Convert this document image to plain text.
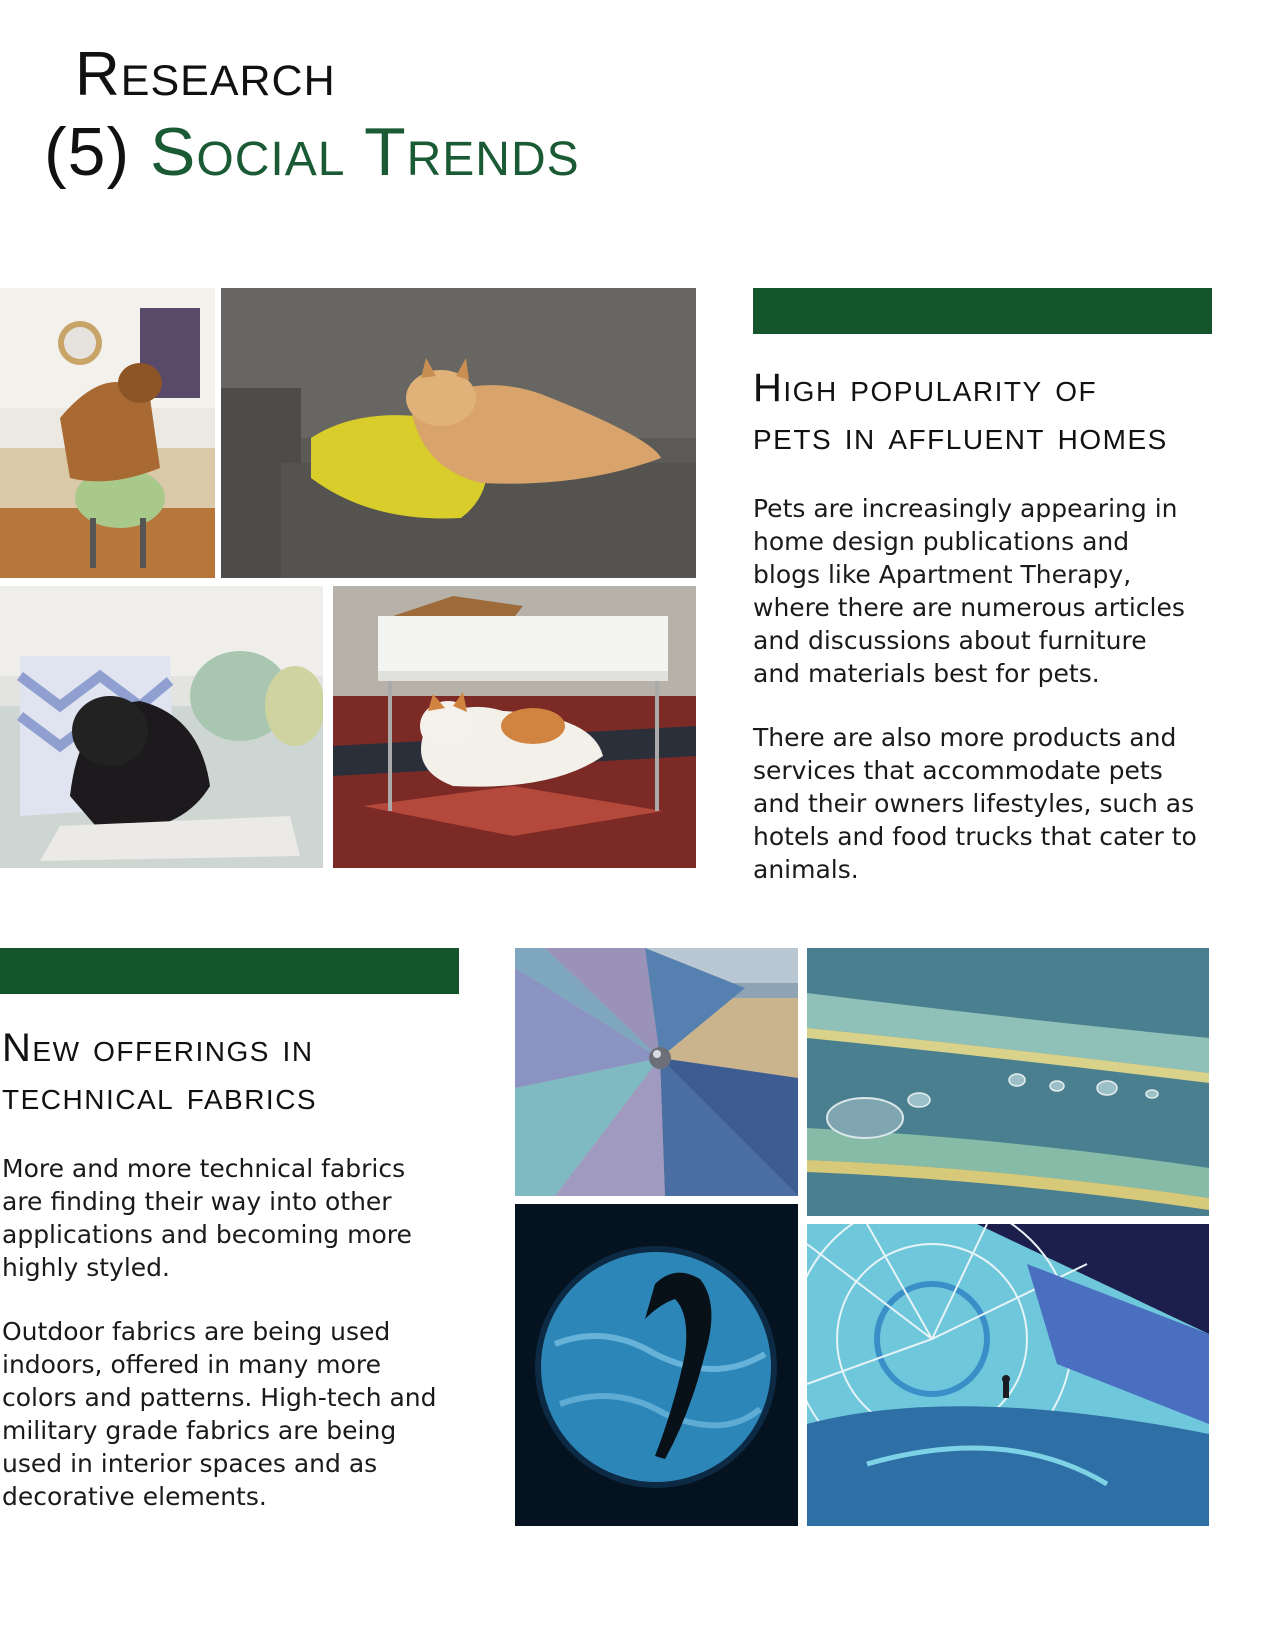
Research
(5) Social Trends
High popularity of
pets in affluent homes

Pets are increasingly appearing in home design publications and blogs like Apartment Therapy, where there are numerous articles and discussions about furniture and materials best for pets.

There are also more products and services that accommodate pets and their owners lifestyles, such as hotels and food trucks that cater to animals.

New offerings in
technical fabrics

More and more technical fabrics are finding their way into other applications and becoming more highly styled.

Outdoor fabrics are being used indoors, offered in many more colors and patterns. High-tech and military grade fabrics are being used in interior spaces and as decorative elements.
